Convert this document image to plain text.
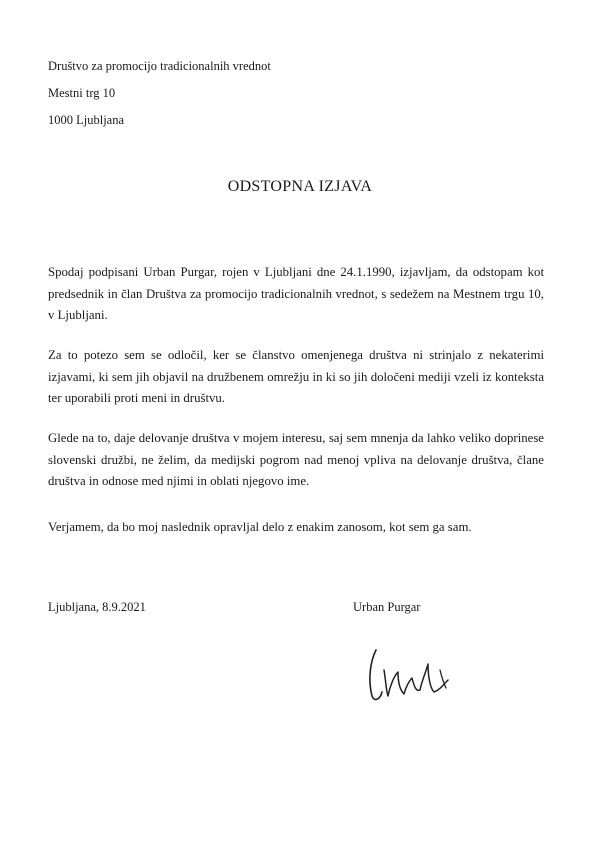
Društvo za promocijo tradicionalnih vrednot
Mestni trg 10
1000 Ljubljana
ODSTOPNA IZJAVA
Spodaj podpisani Urban Purgar, rojen v Ljubljani dne 24.1.1990, izjavljam, da odstopam kot predsednik in član Društva za promocijo tradicionalnih vrednot, s sedežem na Mestnem trgu 10, v Ljubljani.
Za to potezo sem se odločil, ker se članstvo omenjenega društva ni strinjalo z nekaterimi izjavami, ki sem jih objavil na družbenem omrežju in ki so jih določeni mediji vzeli iz konteksta ter uporabili proti meni in društvu.
Glede na to, daje delovanje društva v mojem interesu, saj sem mnenja da lahko veliko doprinese slovenski družbi, ne želim, da medijski pogrom nad menoj vpliva na delovanje društva, člane društva in odnose med njimi in oblati njegovo ime.
Verjamem, da bo moj naslednik opravljal delo z enakim zanosom, kot sem ga sam.
Ljubljana, 8.9.2021	Urban Purgar
